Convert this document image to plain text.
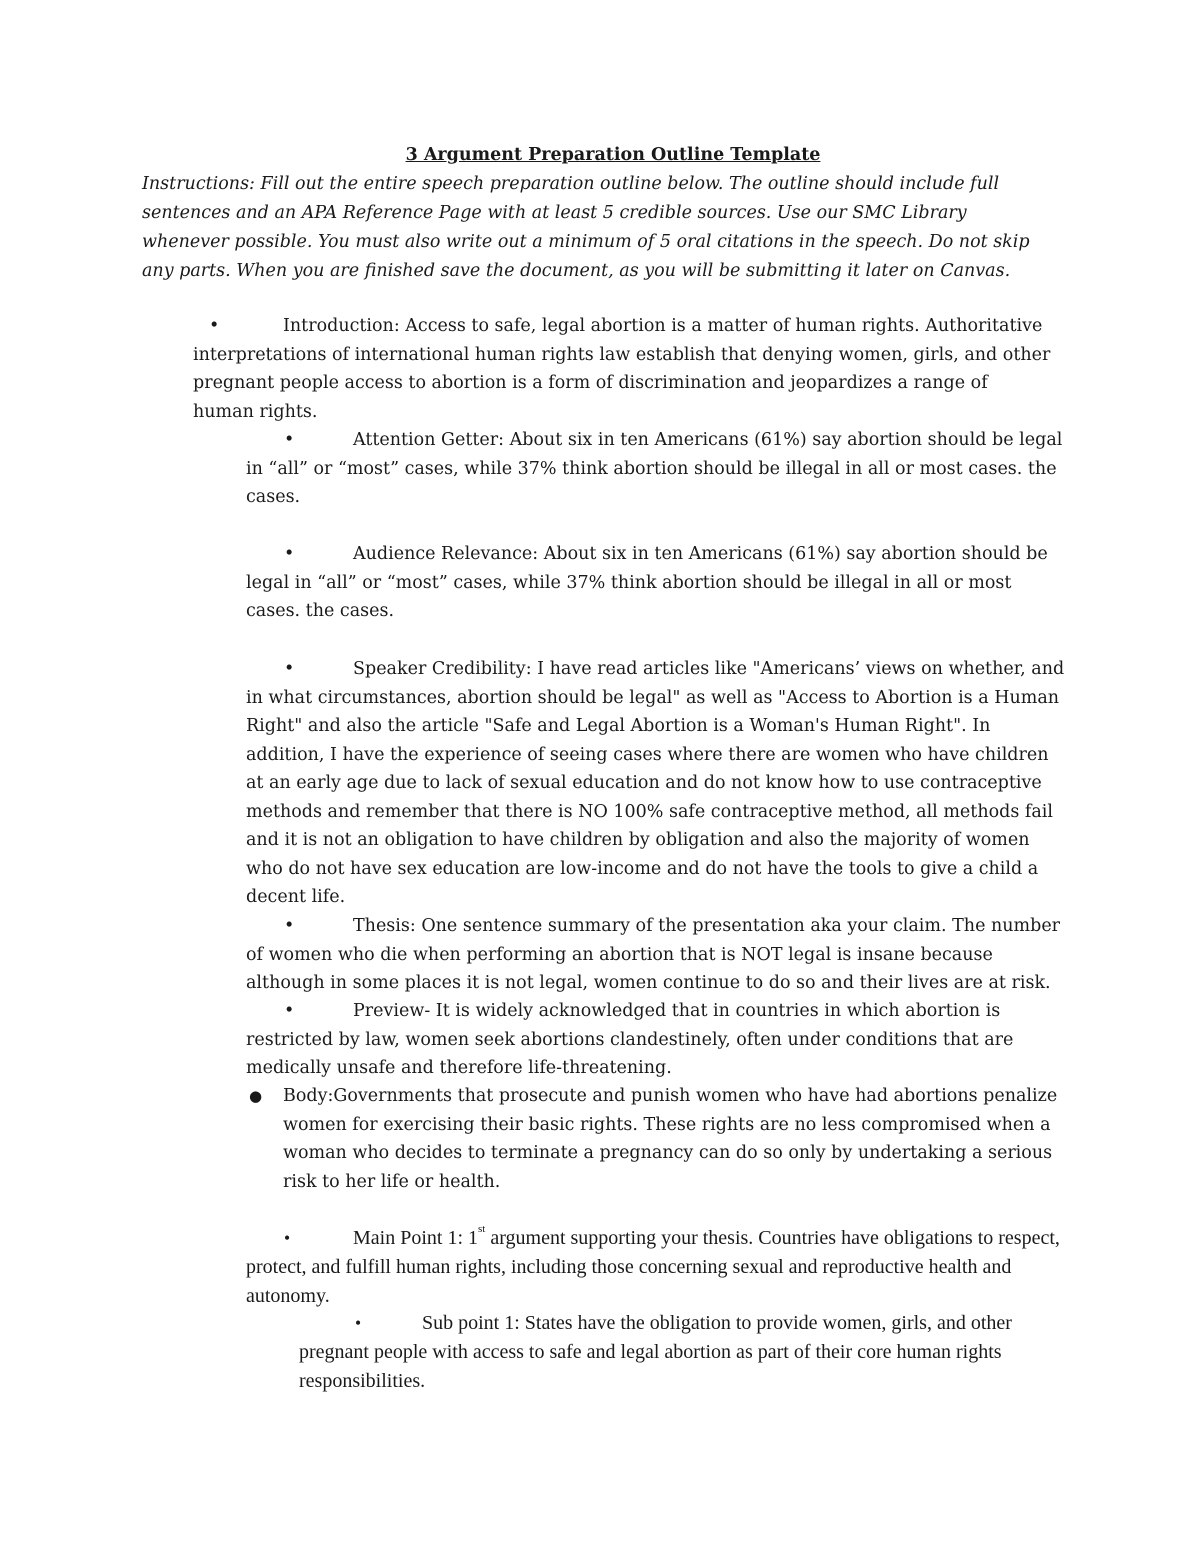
3 Argument Preparation Outline Template

Instructions: Fill out the entire speech preparation outline below. The outline should include full sentences and an APA Reference Page with at least 5 credible sources. Use our SMC Library whenever possible. You must also write out a minimum of 5 oral citations in the speech. Do not skip any parts. When you are finished save the document, as you will be submitting it later on Canvas.

•	Introduction: Access to safe, legal abortion is a matter of human rights. Authoritative interpretations of international human rights law establish that denying women, girls, and other pregnant people access to abortion is a form of discrimination and jeopardizes a range of human rights.
•	Attention Getter: About six in ten Americans (61%) say abortion should be legal in “all” or “most” cases, while 37% think abortion should be illegal in all or most cases. the cases.
•	Audience Relevance: About six in ten Americans (61%) say abortion should be legal in “all” or “most” cases, while 37% think abortion should be illegal in all or most cases. the cases.
•	Speaker Credibility: I have read articles like "Americans’ views on whether, and in what circumstances, abortion should be legal" as well as "Access to Abortion is a Human Right" and also the article "Safe and Legal Abortion is a Woman's Human Right". In addition, I have the experience of seeing cases where there are women who have children at an early age due to lack of sexual education and do not know how to use contraceptive methods and remember that there is NO 100% safe contraceptive method, all methods fail and it is not an obligation to have children by obligation and also the majority of women who do not have sex education are low-income and do not have the tools to give a child a decent life.
•	Thesis: One sentence summary of the presentation aka your claim. The number of women who die when performing an abortion that is NOT legal is insane because although in some places it is not legal, women continue to do so and their lives are at risk.
•	Preview- It is widely acknowledged that in countries in which abortion is restricted by law, women seek abortions clandestinely, often under conditions that are medically unsafe and therefore life-threatening.
● Body:Governments that prosecute and punish women who have had abortions penalize women for exercising their basic rights. These rights are no less compromised when a woman who decides to terminate a pregnancy can do so only by undertaking a serious risk to her life or health.
•	Main Point 1: 1st argument supporting your thesis. Countries have obligations to respect, protect, and fulfill human rights, including those concerning sexual and reproductive health and autonomy.
•	Sub point 1: States have the obligation to provide women, girls, and other pregnant people with access to safe and legal abortion as part of their core human rights responsibilities.
